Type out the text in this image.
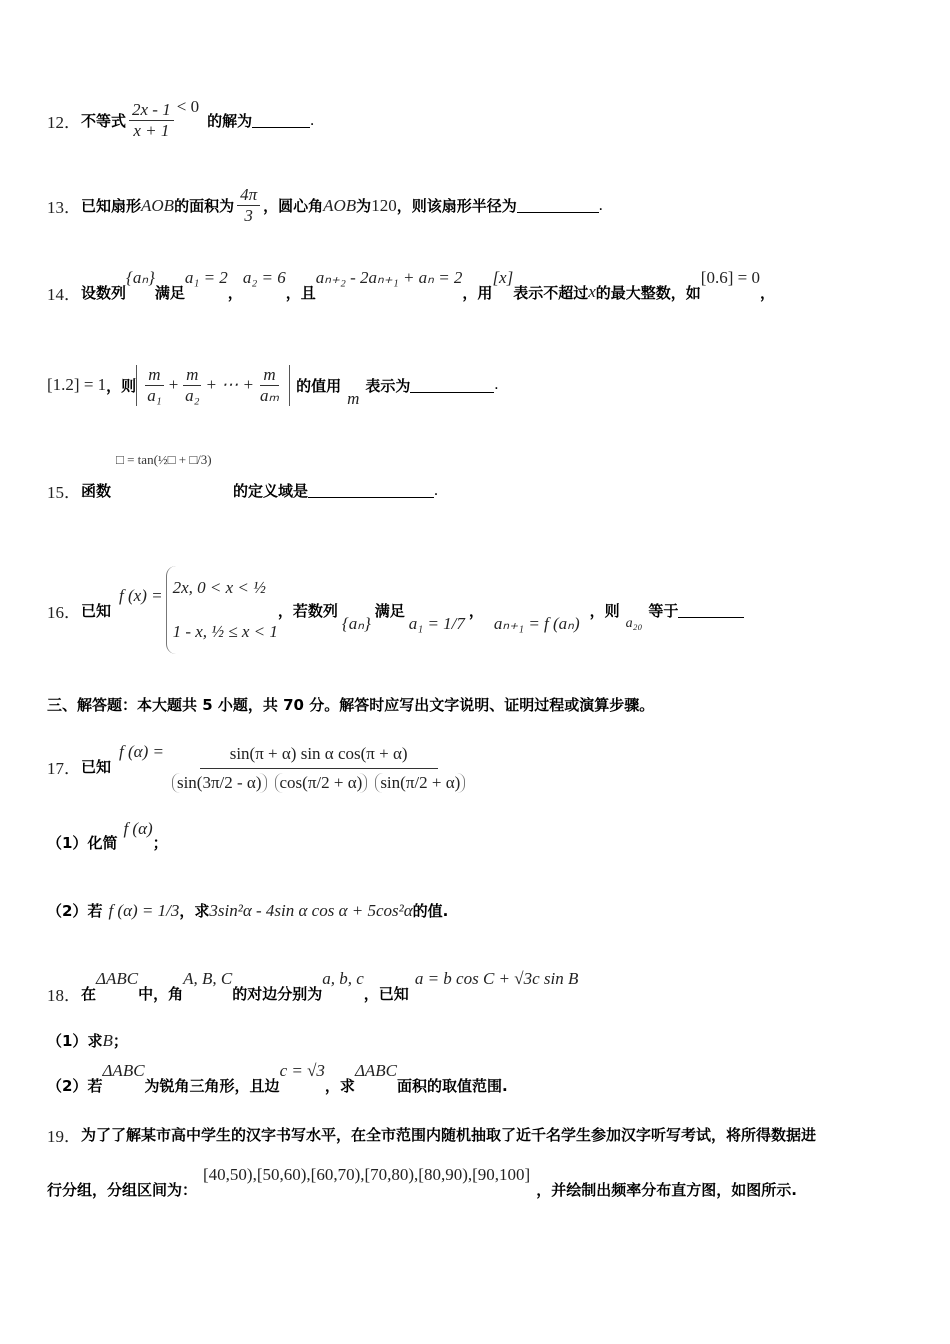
12． 不等式 $\frac{2x - 1}{x + 1} < 0$
的解为	.
13． 已知扇形 AOB 的面积为 $\frac{4\pi}{3}$ ，圆心角 AOB 为 120 ，则该扇形半径为	.
14． 设数列
{aₙ}
满足
a₁ = 2
，
a₂ = 6
，且
aₙ₊₂ - 2aₙ₊₁ + aₙ = 2
，用
[x]
表示不超过 x 的最大整数，如
[0.6] = 0
，
[1.2] = 1 ，则 $\frac{m}{\text{a₁}} + \frac{m}{\text{a₂}}$ + ⋯ + $\frac{m}{\text{aₘ}}$ 的值用
m
表示为	.
□ = tan(½□ + □/3)
15． 函数	的定义域是	.
16． 已知
f (x) = 2x, 0 < x < ½
1 - x, ½ ≤ x < 1
，若数列
{aₙ}
满足
a₁ = 1/7
，
aₙ₊₁ = f (aₙ)
，则
a₂₀
等于
三、解答题：本大题共 5 小题，共 70 分。解答时应写出文字说明、证明过程或演算步骤。
17． 已知
f $(\alpha) = \frac{\text{sin(π + α) sin α cos(π + α)}}{\sin(3\pi/2 - \alpha) \cos(\pi/2 + \alpha) \sin(\pi/2 + \alpha)}$
（1） 化简
f (α)
；
（2） 若 f (α) = 1/3 ，求 3sin²α - 4sin α cos α + 5cos²α 的值.
18． 在
ΔABC
中，角
A, B, C
的对边分别为
a, b, c
，已知
a = b cos C + √3c sin B
（1） 求 B ；
（2） 若
ΔABC
为锐角三角形，且边
c = √3
，求
ΔABC
面积的取值范围.
19． 为了了解某市高中学生的汉字书写水平，在全市范围内随机抽取了近千名学生参加汉字听写考试，将所得数据进
行分组，分组区间为：
[40,50),[50,60),[60,70),[70,80),[80,90),[90,100]
，并绘制出频率分布直方图，如图所示.
